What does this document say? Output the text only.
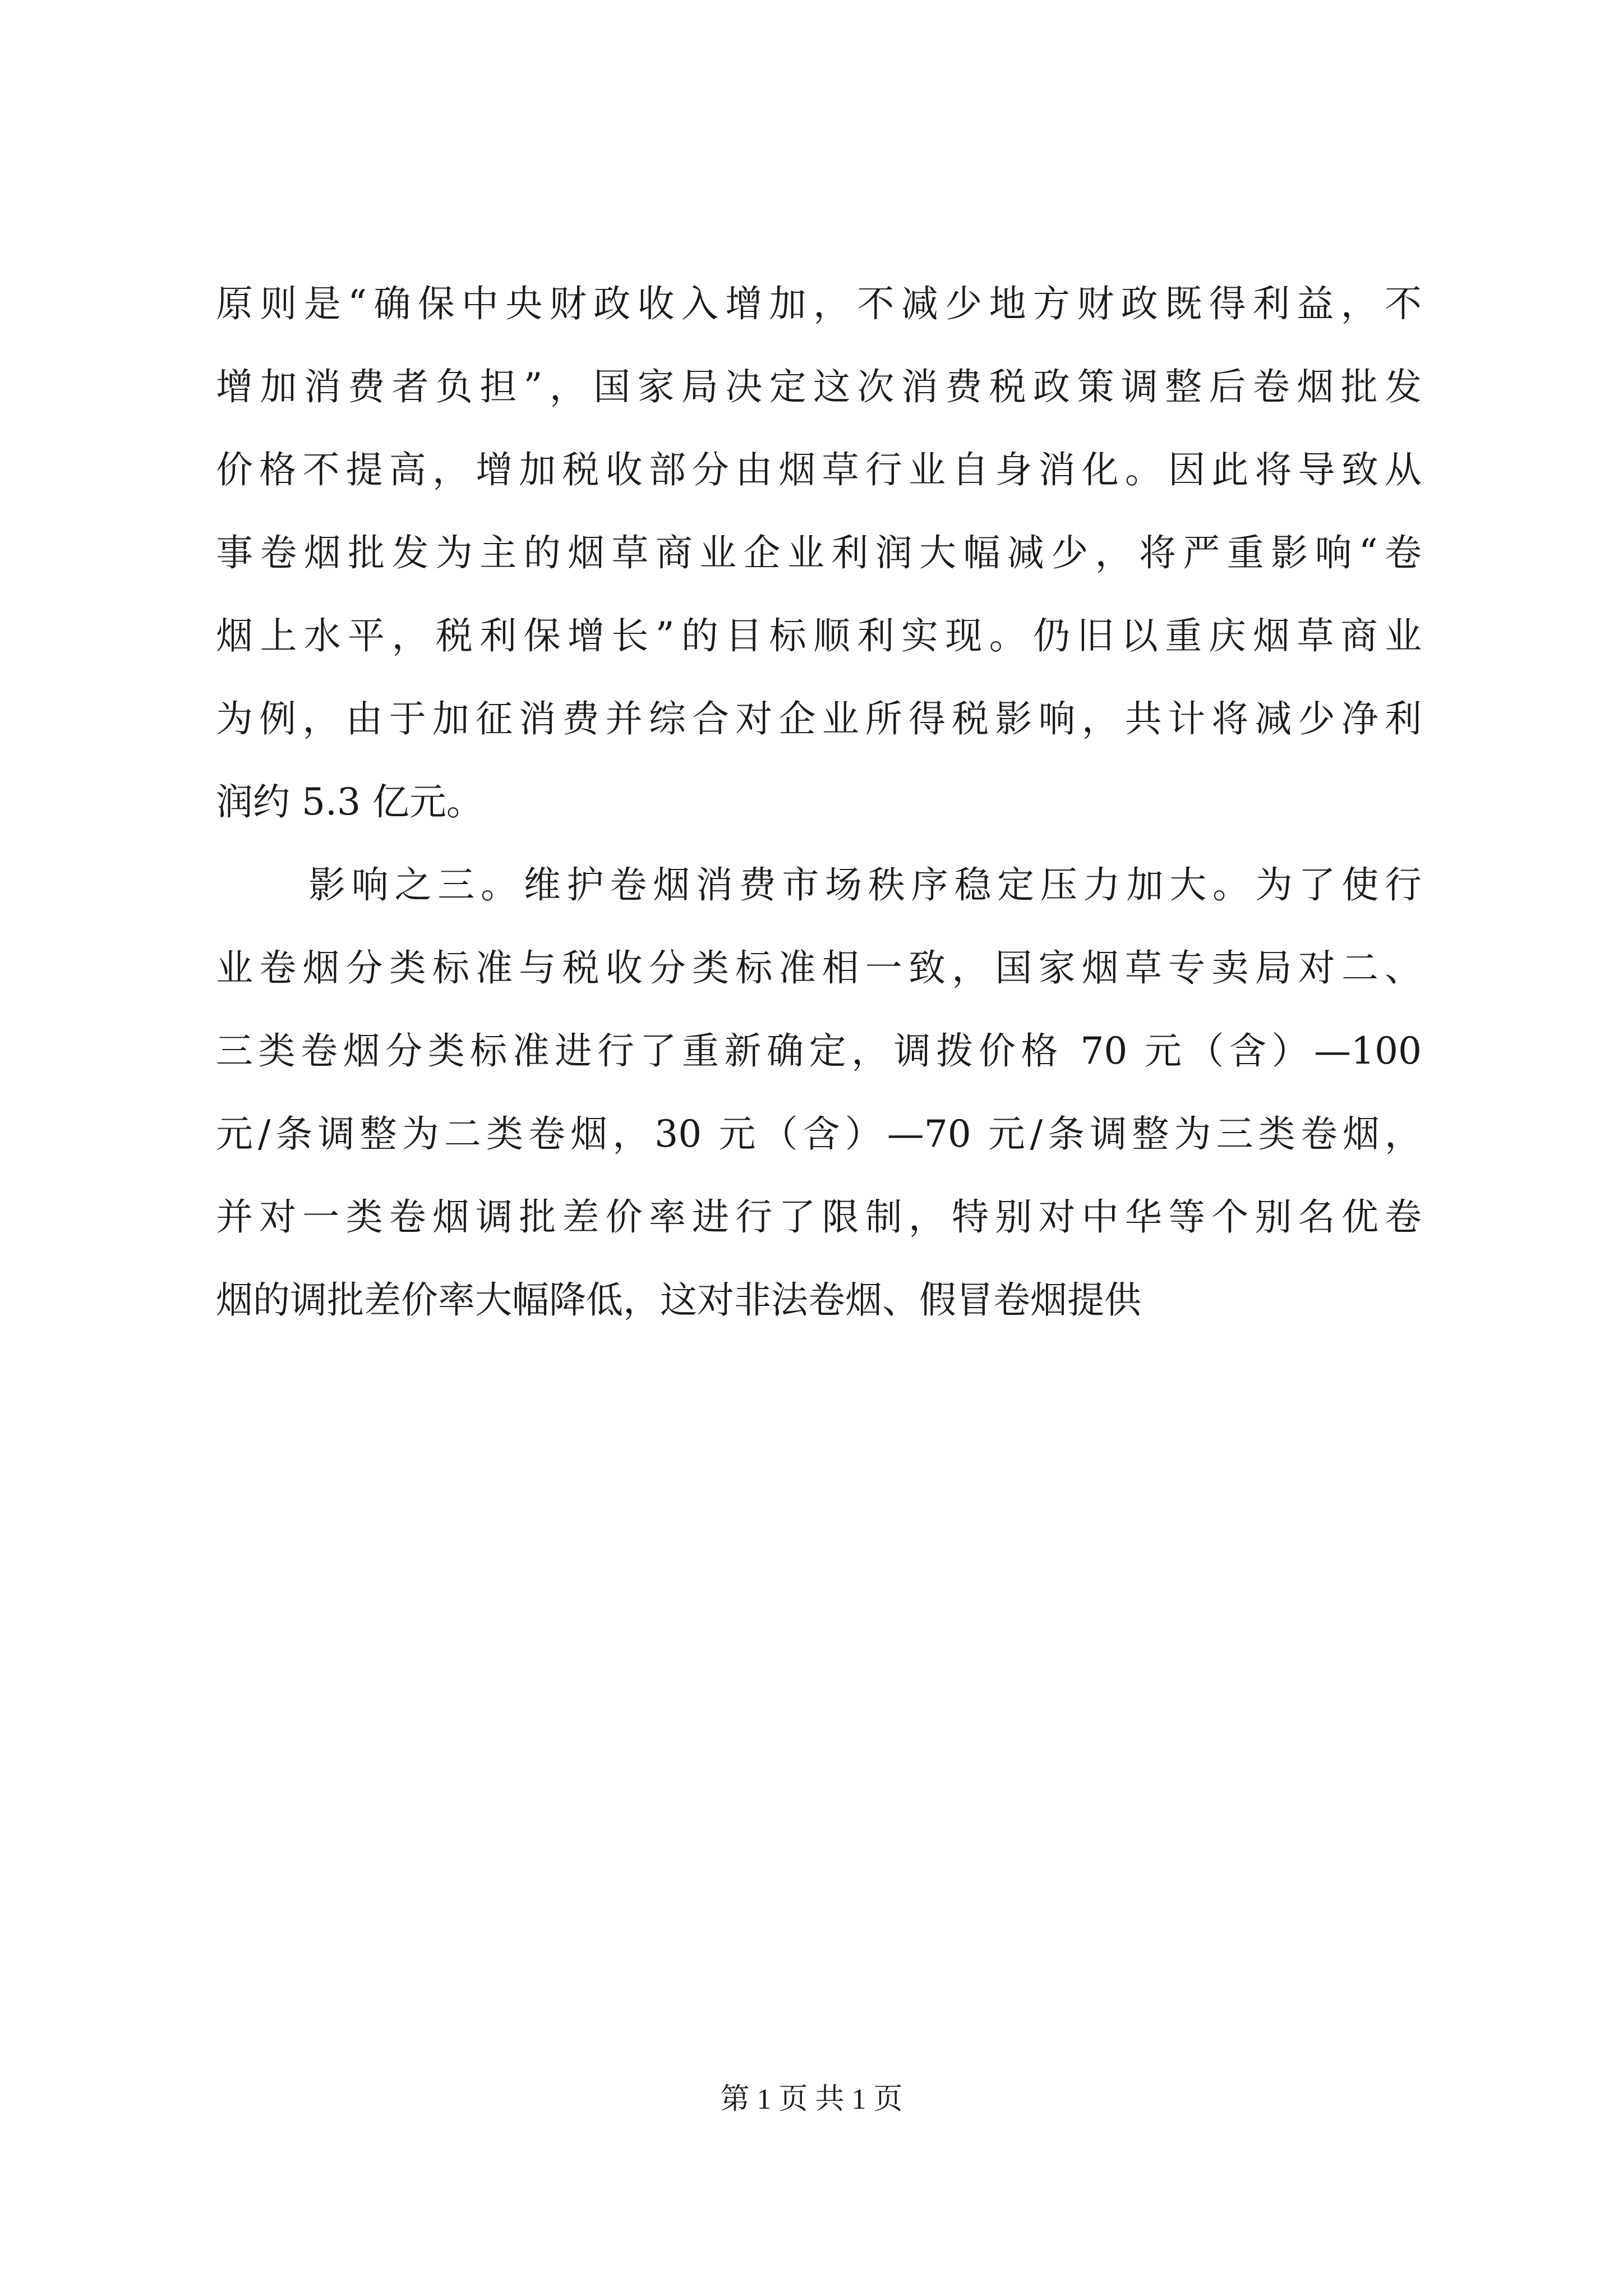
原则是“确保中央财政收入增加，不减少地方财政既得利益，不
增加消费者负担”，国家局决定这次消费税政策调整后卷烟批发
价格不提高，增加税收部分由烟草行业自身消化。因此将导致从
事卷烟批发为主的烟草商业企业利润大幅减少，将严重影响“卷
烟上水平，税利保增长”的目标顺利实现。仍旧以重庆烟草商业
为例，由于加征消费并综合对企业所得税影响，共计将减少净利
润约 5.3 亿元。
影响之三。维护卷烟消费市场秩序稳定压力加大。为了使行
业卷烟分类标准与税收分类标准相一致，国家烟草专卖局对二、
三类卷烟分类标准进行了重新确定，调拨价格 70 元（含）—100
元/条调整为二类卷烟，30 元（含）—70 元/条调整为三类卷烟，
并对一类卷烟调批差价率进行了限制，特别对中华等个别名优卷
烟的调批差价率大幅降低，这对非法卷烟、假冒卷烟提供
第 1 页 共 1 页
